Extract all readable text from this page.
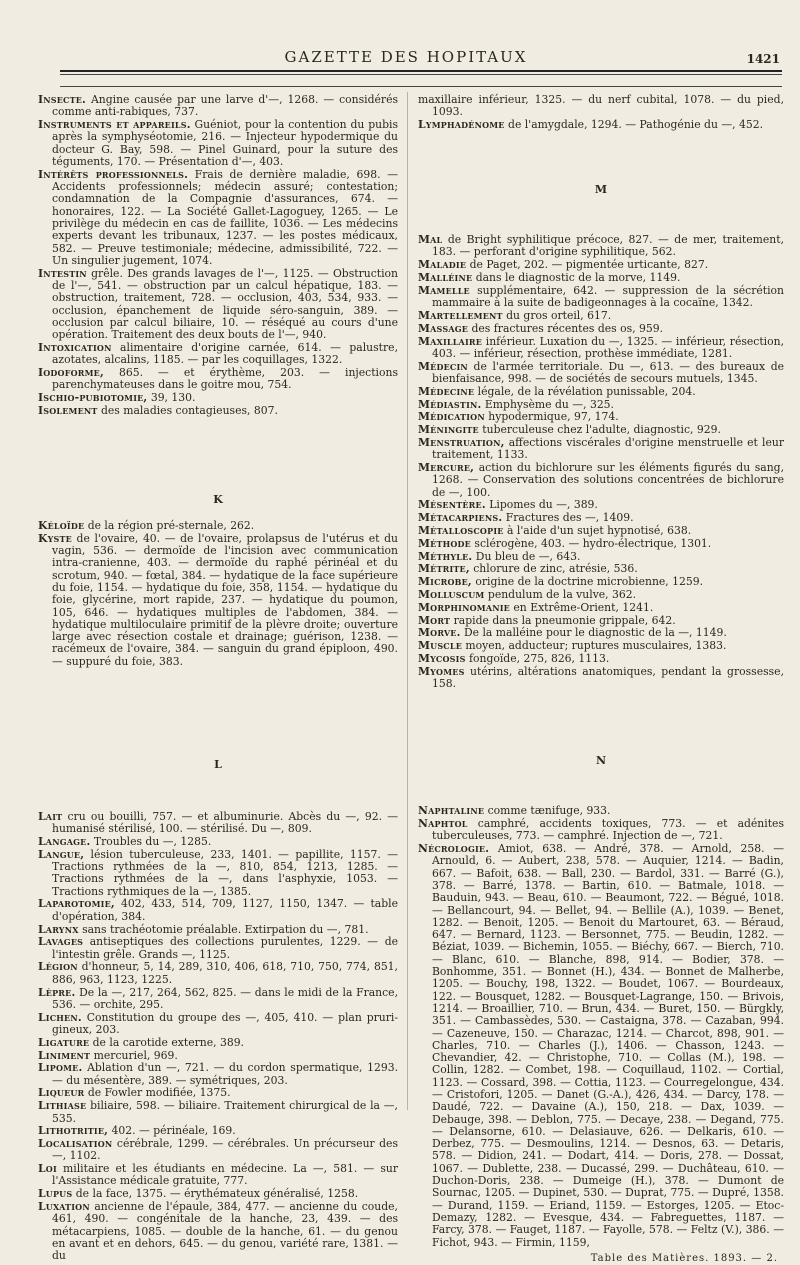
GAZETTE DES HOPITAUX	1421

Insecte. Angine causée par une larve d'—, 1268. — considérés comme anti-rabiques, 737.

Instruments et appareils. Guéniot, pour la contention du pubis après la symphyséotomie, 216. — Injecteur hypodermique du docteur G. Bay, 598. — Pinel Guinard, pour la suture des téguments, 170. — Présentation d'—, 403.

Intérêts professionnels. Frais de dernière maladie, 698. — Accidents professionnels; médecin assuré; contestation; condamnation de la Compagnie d'assurances, 674. — honoraires, 122. — La Société Gallet-Lagoguey, 1265. — Le privilège du médecin en cas de faillite, 1036. — Les médecins experts devant les tribunaux, 1237. — les postes médicaux, 582. — Preuve testimoniale; médecine, admissibilité, 722. — Un singulier jugement, 1074.

Intestin grêle. Des grands lavages de l'—, 1125. — Obstruction de l'—, 541. — obstruction par un calcul hépatique, 183. — obstruction, traitement, 728. — occlusion, 403, 534, 933. — occlusion, épanchement de liquide séro-sanguin, 389. — occlusion par calcul biliaire, 10. — réséqué au cours d'une opération. Traitement des deux bouts de l'—, 940.

Intoxication alimentaire d'origine carnée, 614. — palustre, azotates, alcalins, 1185. — par les coquillages, 1322.

Iodoforme, 865. — et érythème, 203. — injections parenchymateuses dans le goitre mou, 754.

Ischio-pubiotomie, 39, 130.

Isolement des maladies contagieuses, 807.

K

Kéloïde de la région pré-sternale, 262.

Kyste de l'ovaire, 40. — de l'ovaire, prolapsus de l'utérus et du vagin, 536. — dermoïde de l'incision avec communication intra-cranienne, 403. — dermoïde du raphé périnéal et du scrotum, 940. — fœtal, 384. — hydatique de la face supérieure du foie, 1154. — hydatique du foie, 358, 1154. — hydatique du foie, glycérine, mort rapide, 237. — hydatique du poumon, 105, 646. — hydatiques multiples de l'abdomen, 384. — hydatique multiloculaire primitif de la plèvre droite; ouverture large avec résection costale et drainage; guérison, 1238. — racémeux de l'ovaire, 384. — sanguin du grand épiploon, 490. — suppuré du foie, 383.

L

Lait cru ou bouilli, 757. — et albuminurie. Abcès du —, 92. — humanisé stérilisé, 100. — stérilisé. Du —, 809.

Langage. Troubles du —, 1285.

Langue, lésion tuberculeuse, 233, 1401. — papillite, 1157. — Tractions rythmées de la —, 810, 854, 1213, 1285. — Tractions rythmées de la —, dans l'asphyxie, 1053. — Tractions rythmiques de la —, 1385.

Laparotomie, 402, 433, 514, 709, 1127, 1150, 1347. — table d'opération, 384.

Larynx sans trachéotomie préalable. Extirpation du —, 781.

Lavages antiseptiques des collections purulentes, 1229. — de l'intestin grêle. Grands —, 1125.

Légion d'honneur, 5, 14, 289, 310, 406, 618, 710, 750, 774, 851, 886, 963, 1123, 1225.

Lèpre. De la —, 217, 264, 562, 825. — dans le midi de la France, 536. — orchite, 295.

Lichen. Constitution du groupe des —, 405, 410. — plan pruri-gineux, 203.

Ligature de la carotide externe, 389.

Liniment mercuriel, 969.

Lipome. Ablation d'un —, 721. — du cordon spermatique, 1293. — du mésentère, 389. — symétriques, 203.

Liqueur de Fowler modifiée, 1375.

Lithiase biliaire, 598. — biliaire. Traitement chirurgical de la —, 535.

Lithotritie, 402. — périnéale, 169.

Localisation cérébrale, 1299. — cérébrales. Un précurseur des —, 1102.

Loi militaire et les étudiants en médecine. La —, 581. — sur l'Assistance médicale gratuite, 777.

Lupus de la face, 1375. — érythémateux généralisé, 1258.

Luxation ancienne de l'épaule, 384, 477. — ancienne du coude, 461, 490. — congénitale de la hanche, 23, 439. — des métacarpiens, 1085. — double de la hanche, 61. — du genou en avant et en dehors, 645. — du genou, variété rare, 1381. — du

maxillaire inférieur, 1325. — du nerf cubital, 1078. — du pied, 1093.

Lymphadénome de l'amygdale, 1294. — Pathogénie du —, 452.

M

Mal de Bright syphilitique précoce, 827. — de mer, traitement, 183. — perforant d'origine syphilitique, 562.

Maladie de Paget, 202. — pigmentée urticante, 827.

Malléine dans le diagnostic de la morve, 1149.

Mamelle supplémentaire, 642. — suppression de la sécrétion mammaire à la suite de badigeonnages à la cocaïne, 1342.

Martellement du gros orteil, 617.

Massage des fractures récentes des os, 959.

Maxillaire inférieur. Luxation du —, 1325. — inférieur, résection, 403. — inférieur, résection, prothèse immédiate, 1281.

Médecin de l'armée territoriale. Du —, 613. — des bureaux de bienfaisance, 998. — de sociétés de secours mutuels, 1345.

Médecine légale, de la révélation punissable, 204.

Médiastin. Emphysème du —, 325.

Médication hypodermique, 97, 174.

Méningite tuberculeuse chez l'adulte, diagnostic, 929.

Menstruation, affections viscérales d'origine menstruelle et leur traitement, 1133.

Mercure, action du bichlorure sur les éléments figurés du sang, 1268. — Conservation des solutions concentrées de bichlorure de —, 100.

Mésentère. Lipomes du —, 389.

Métacarpiens. Fractures des —, 1409.

Métalloscopie à l'aide d'un sujet hypnotisé, 638.

Méthode sclérogène, 403. — hydro-électrique, 1301.

Méthyle. Du bleu de —, 643.

Métrite, chlorure de zinc, atrésie, 536.

Microbe, origine de la doctrine microbienne, 1259.

Molluscum pendulum de la vulve, 362.

Morphinomanie en Extrême-Orient, 1241.

Mort rapide dans la pneumonie grippale, 642.

Morve. De la malléine pour le diagnostic de la —, 1149.

Muscle moyen, adducteur; ruptures musculaires, 1383.

Mycosis fongoïde, 275, 826, 1113.

Myomes utérins, altérations anatomiques, pendant la grossesse, 158.

N

Naphtaline comme tænifuge, 933.

Naphtol camphré, accidents toxiques, 773. — et adénites tuberculeuses, 773. — camphré. Injection de —, 721.

Nécrologie. Amiot, 638. — André, 378. — Arnold, 258. — Arnould, 6. — Aubert, 238, 578. — Auquier, 1214. — Badin, 667. — Bafoit, 638. — Ball, 230. — Bardol, 331. — Barré (G.), 378. — Barré, 1378. — Bartin, 610. — Batmale, 1018. — Bauduin, 943. — Beau, 610. — Beaumont, 722. — Bégué, 1018. — Bellancourt, 94. — Bellet, 94. — Bellile (A.), 1039. — Benet, 1282. — Benoit, 1205. — Benoit du Martouret, 63. — Béraud, 647. — Bernard, 1123. — Bersonnet, 775. — Beudin, 1282. — Béziat, 1039. — Bichemin, 1055. — Biéchy, 667. — Bierch, 710. — Blanc, 610. — Blanche, 898, 914. — Bodier, 378. — Bonhomme, 351. — Bonnet (H.), 434. — Bonnet de Malherbe, 1205. — Bouchy, 198, 1322. — Boudet, 1067. — Bourdeaux, 122. — Bousquet, 1282. — Bousquet-Lagrange, 150. — Brivois, 1214. — Broaillier, 710. — Brun, 434. — Buret, 150. — Bürgkly, 351. — Cambassèdes, 530. — Castaigna, 378. — Cazaban, 994. — Cazeneuve, 150. — Charazac, 1214. — Charcot, 898, 901. — Charles, 710. — Charles (J.), 1406. — Chasson, 1243. — Chevandier, 42. — Christophe, 710. — Collas (M.), 198. — Collin, 1282. — Combet, 198. — Coquillaud, 1102. — Cortial, 1123. — Cossard, 398. — Cottia, 1123. — Courregelongue, 434. — Cristofori, 1205. — Danet (G.-A.), 426, 434. — Darcy, 178. — Daudé, 722. — Davaine (A.), 150, 218. — Dax, 1039. — Debauge, 398. — Deblon, 775. — Decaye, 238. — Degand, 775. — Delansorne, 610. — Delasiauve, 626. — Delkaris, 610. — Derbez, 775. — Desmoulins, 1214. — Desnos, 63. — Detaris, 578. — Didion, 241. — Dodart, 414. — Doris, 278. — Dossat, 1067. — Dublette, 238. — Ducassé, 299. — Duchâteau, 610. — Duchon-Doris, 238. — Dumeige (H.), 378. — Dumont de Sournac, 1205. — Dupinet, 530. — Duprat, 775. — Dupré, 1358. — Durand, 1159. — Eriand, 1159. — Estorges, 1205. — Etoc-Demazy, 1282. — Evesque, 434. — Fabreguettes, 1187. — Farcy, 378. — Fauget, 1187. — Fayolle, 578. — Feltz (V.), 386. — Fichot, 943. — Firmin, 1159,

Table des Matières. 1893. — 2.
